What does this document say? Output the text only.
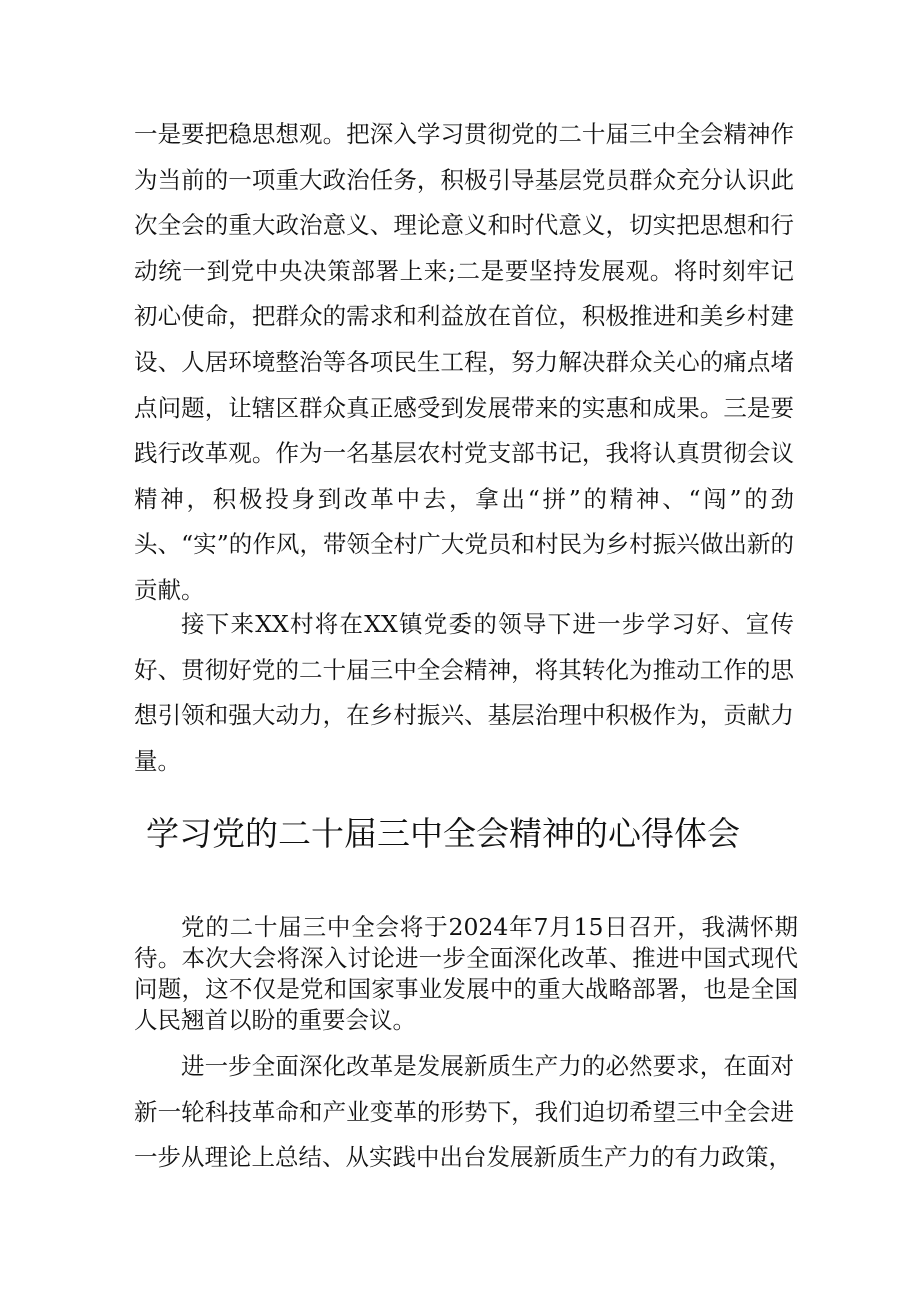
一是要把稳思想观。把深入学习贯彻党的二十届三中全会精神作为当前的一项重大政治任务，积极引导基层党员群众充分认识此次全会的重大政治意义、理论意义和时代意义，切实把思想和行动统一到党中央决策部署上来;二是要坚持发展观。将时刻牢记初心使命，把群众的需求和利益放在首位，积极推进和美乡村建设、人居环境整治等各项民生工程，努力解决群众关心的痛点堵点问题，让辖区群众真正感受到发展带来的实惠和成果。三是要践行改革观。作为一名基层农村党支部书记，我将认真贯彻会议精神，积极投身到改革中去，拿出“拼”的精神、“闯”的劲头、“实”的作风，带领全村广大党员和村民为乡村振兴做出新的贡献。

接下来XX村将在XX镇党委的领导下进一步学习好、宣传好、贯彻好党的二十届三中全会精神，将其转化为推动工作的思想引领和强大动力，在乡村振兴、基层治理中积极作为，贡献力量。

学习党的二十届三中全会精神的心得体会

党的二十届三中全会将于2024年7月15日召开，我满怀期待。本次大会将深入讨论进一步全面深化改革、推进中国式现代问题，这不仅是党和国家事业发展中的重大战略部署，也是全国人民翘首以盼的重要会议。

进一步全面深化改革是发展新质生产力的必然要求，在面对新一轮科技革命和产业变革的形势下，我们迫切希望三中全会进一步从理论上总结、从实践中出台发展新质生产力的有力政策，
